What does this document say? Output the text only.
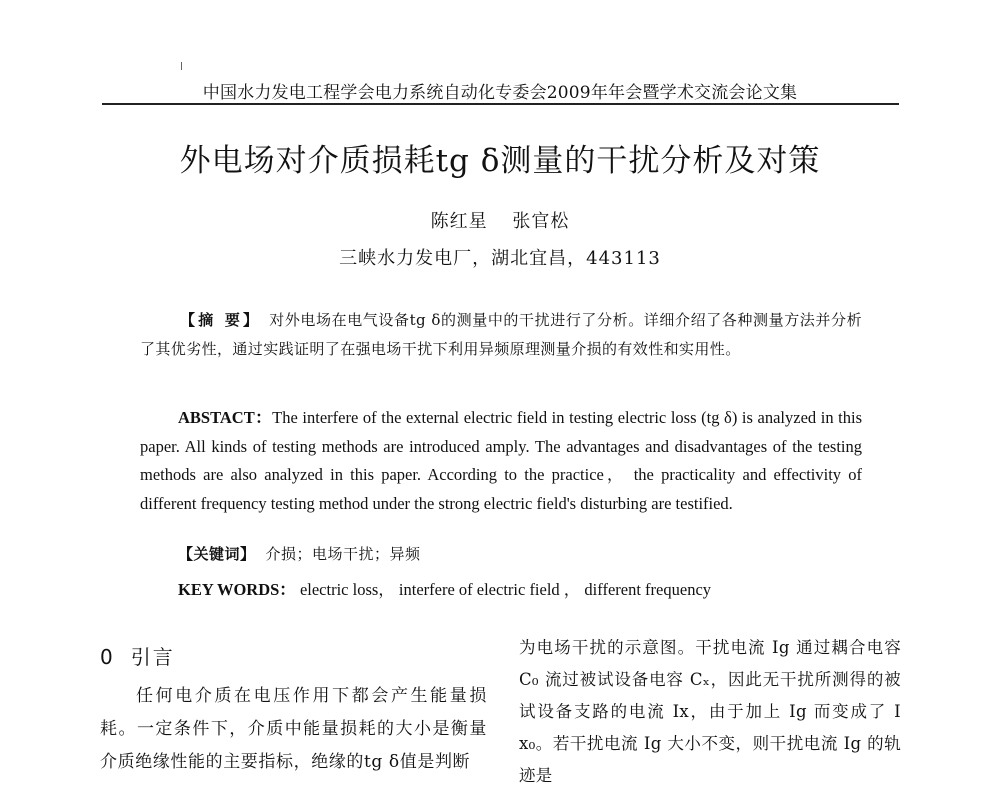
中国水力发电工程学会电力系统自动化专委会2009年年会暨学术交流会论文集
外电场对介质损耗tg δ测量的干扰分析及对策
陈红星 张官松
三峡水力发电厂，湖北宜昌，443113

【摘 要】 对外电场在电气设备tg δ的测量中的干扰进行了分析。详细介绍了各种测量方法并分析了其优劣性，通过实践证明了在强电场干扰下利用异频原理测量介损的有效性和实用性。

ABSTACT：The interfere of the external electric field in testing electric loss (tg δ) is analyzed in this paper. All kinds of testing methods are introduced amply. The advantages and disadvantages of the testing methods are also analyzed in this paper. According to the practice， the practicality and effectivity of different frequency testing method under the strong electric field's disturbing are testified.

【关键词】 介损；电场干扰；异频
KEY WORDS： electric loss， interfere of electric field ， different frequency
0 引言

任何电介质在电压作用下都会产生能量损耗。一定条件下，介质中能量损耗的大小是衡量介质绝缘性能的主要指标，绝缘的tg δ值是判断

为电场干扰的示意图。干扰电流 Ig 通过耦合电容 C₀ 流过被试设备电容 Cₓ，因此无干扰所测得的被试设备支路的电流 Ix，由于加上 Ig 而变成了 I x₀。若干扰电流 Ig 大小不变，则干扰电流 Ig 的轨迹是
